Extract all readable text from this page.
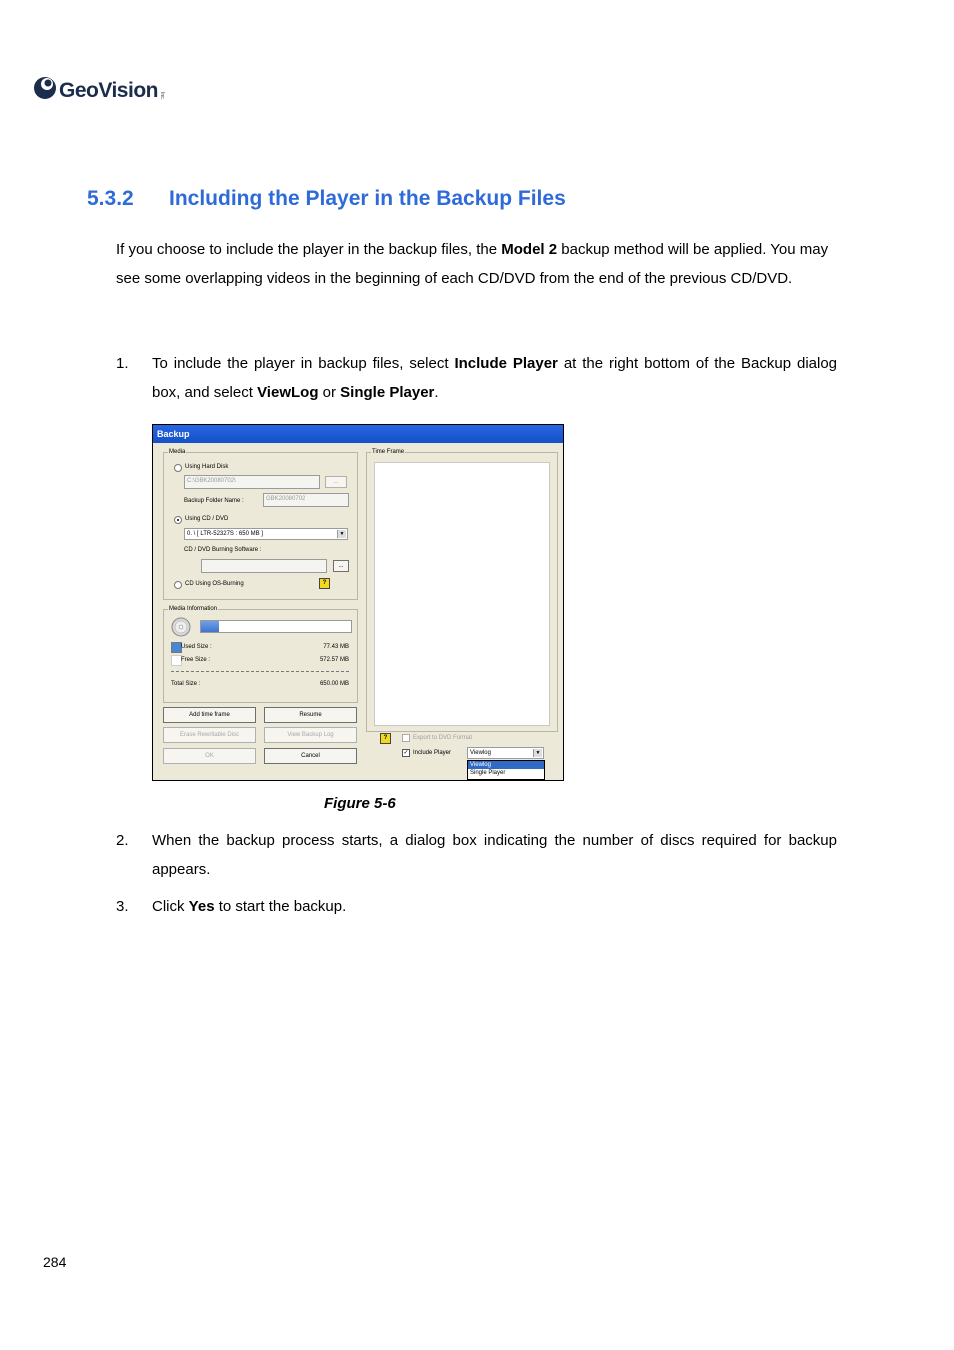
GeoVision Inc.
5.3.2 Including the Player in the Backup Files
If you choose to include the player in the backup files, the Model 2 backup method will be applied. You may see some overlapping videos in the beginning of each CD/DVD from the end of the previous CD/DVD.
1. To include the player in backup files, select Include Player at the right bottom of the Backup dialog box, and select ViewLog or Single Player.
Backup
Media
Using Hard Disk
C:\GBK20080702\	...
Backup Folder Name :	GBK20080702
Using CD / DVD
0. \ [ LTR-52327S : 650 MB ]	▼
CD / DVD Burning Software :
...
CD Using OS-Burning	?
Media Information
Used Size :	77.43 MB
Free Size :	572.57 MB
Total Size :	650.00 MB
Add time frame	Resume
Erase Rewritable Disc	View Backup Log
OK	Cancel
Time Frame
?	Export to DVD Format
✓ Include Player	Viewlog	▼
Viewlog
Single Player
Figure 5-6
2. When the backup process starts, a dialog box indicating the number of discs required for backup appears.
3. Click Yes to start the backup.
284
